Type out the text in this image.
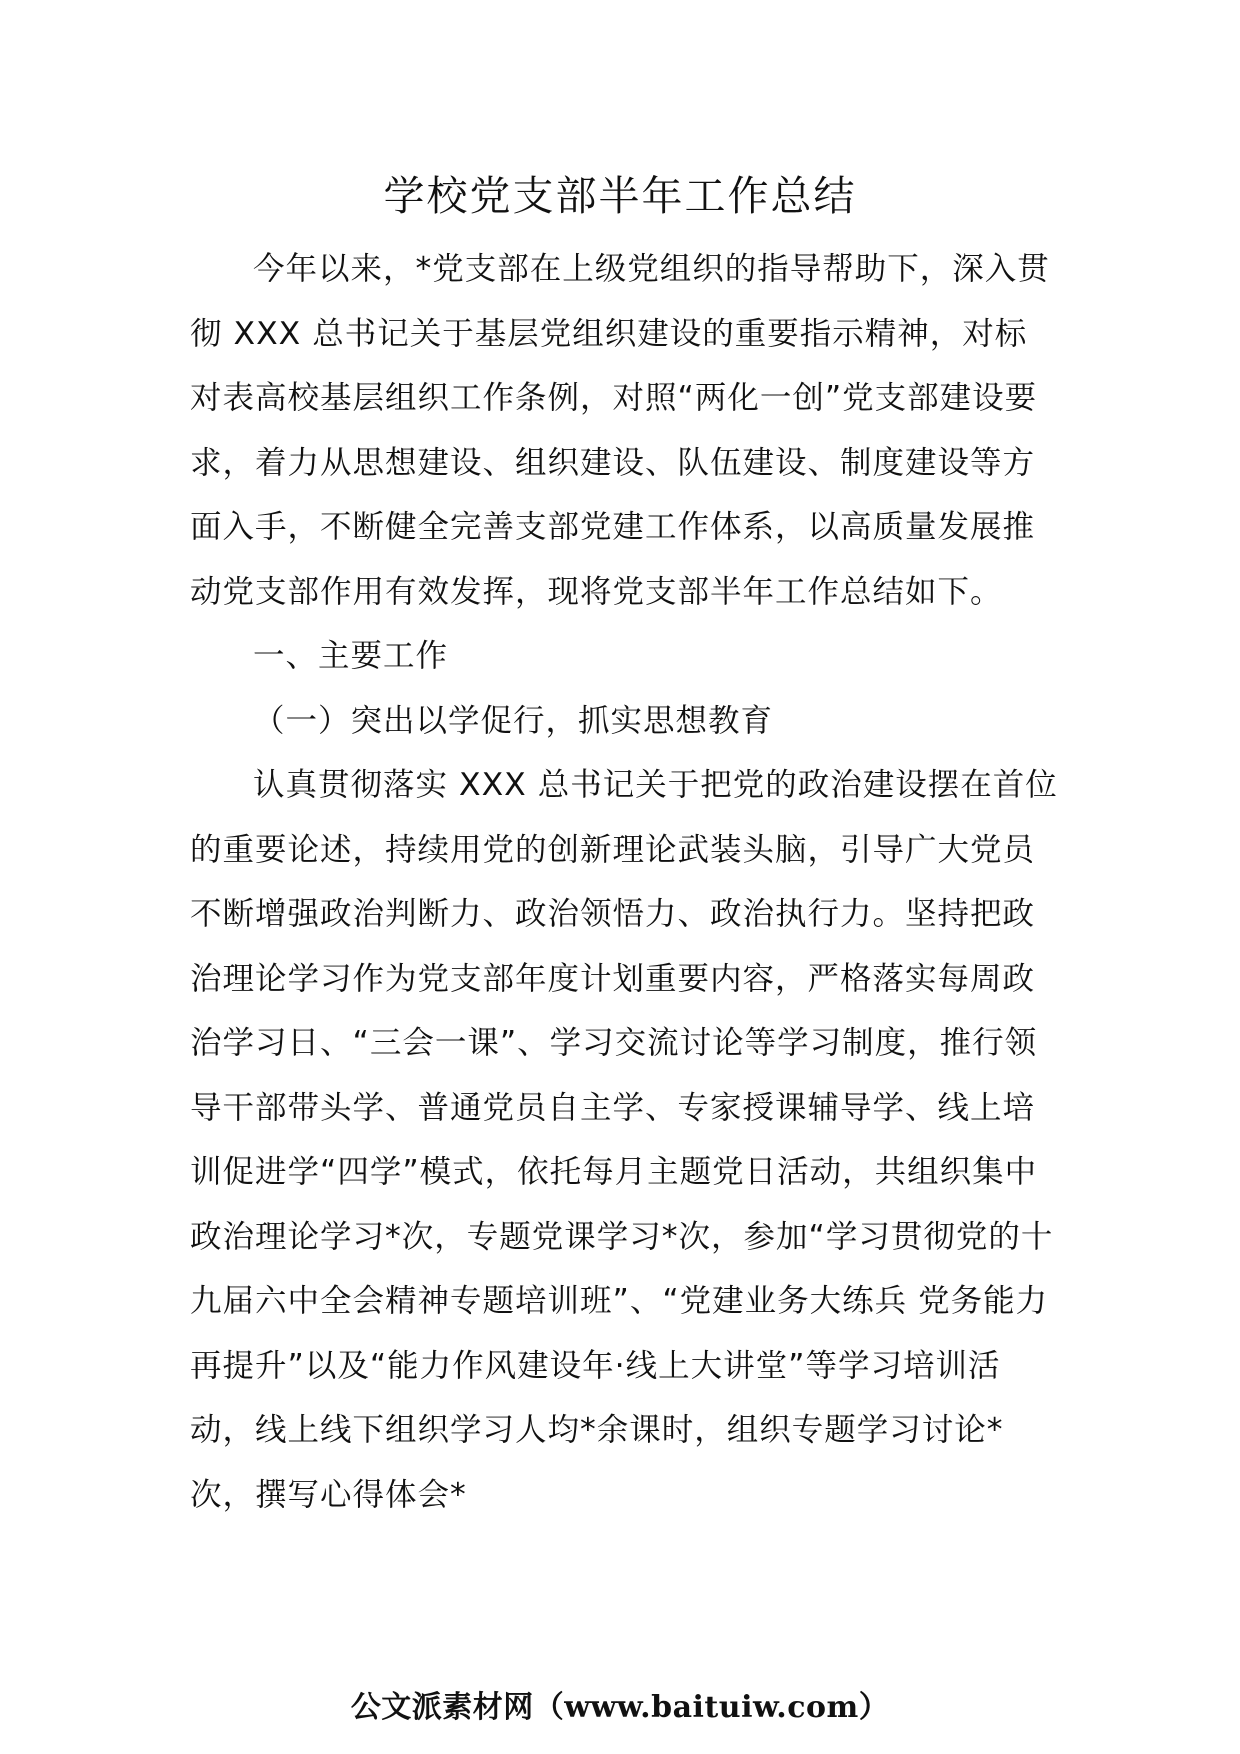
学校党支部半年工作总结

今年以来，*党支部在上级党组织的指导帮助下，深入贯彻 XXX 总书记关于基层党组织建设的重要指示精神，对标对表高校基层组织工作条例，对照“两化一创”党支部建设要求，着力从思想建设、组织建设、队伍建设、制度建设等方面入手，不断健全完善支部党建工作体系，以高质量发展推动党支部作用有效发挥，现将党支部半年工作总结如下。

一、主要工作

（一）突出以学促行，抓实思想教育

认真贯彻落实 XXX 总书记关于把党的政治建设摆在首位的重要论述，持续用党的创新理论武装头脑，引导广大党员不断增强政治判断力、政治领悟力、政治执行力。坚持把政治理论学习作为党支部年度计划重要内容，严格落实每周政治学习日、“三会一课”、学习交流讨论等学习制度，推行领导干部带头学、普通党员自主学、专家授课辅导学、线上培训促进学“四学”模式，依托每月主题党日活动，共组织集中政治理论学习*次，专题党课学习*次，参加“学习贯彻党的十九届六中全会精神专题培训班”、“党建业务大练兵 党务能力再提升”以及“能力作风建设年·线上大讲堂”等学习培训活动，线上线下组织学习人均*余课时，组织专题学习讨论*次，撰写心得体会*

公文派素材网（www.baituiw.com）
